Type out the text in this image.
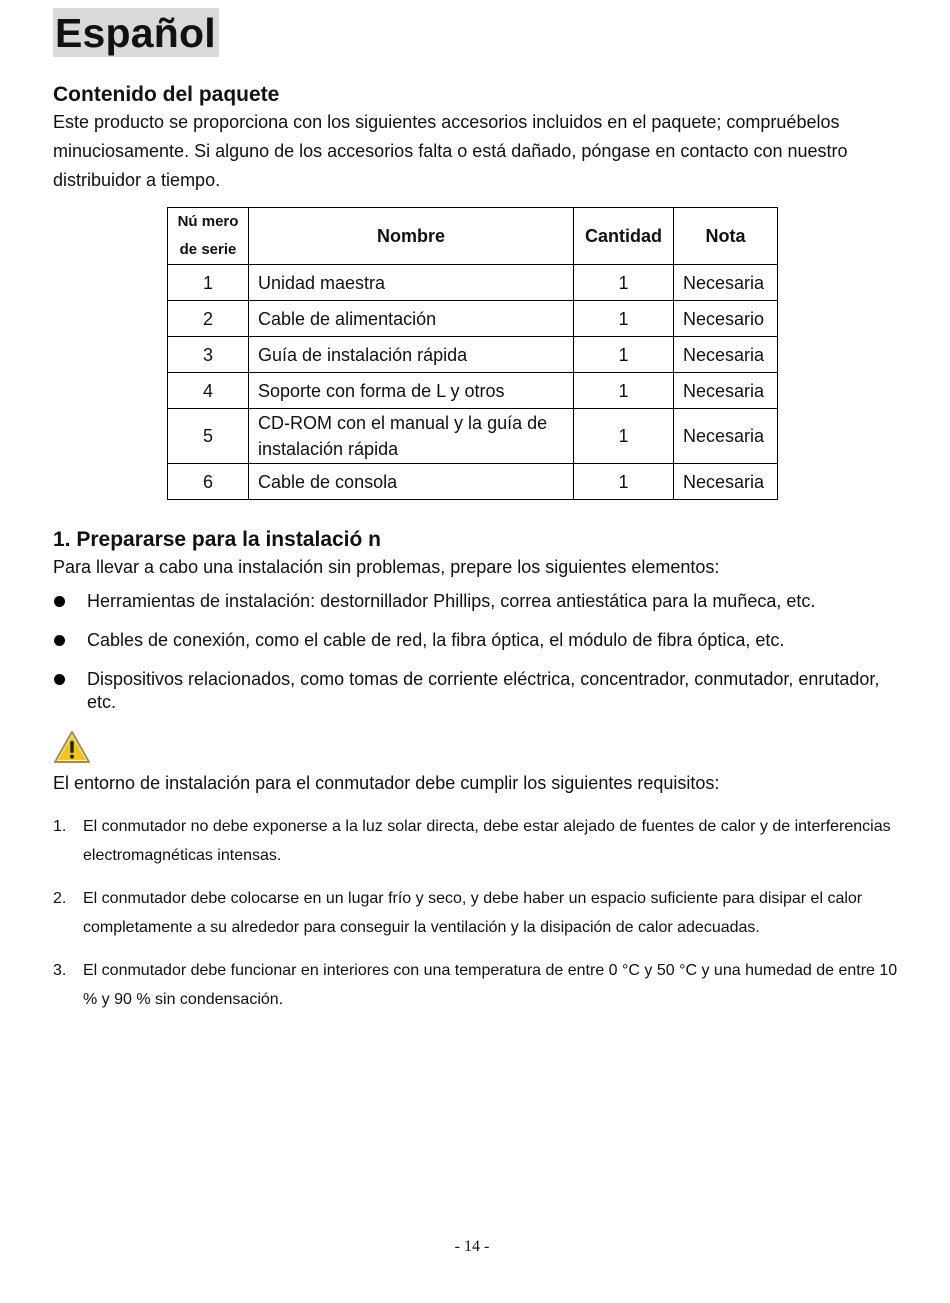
Español
Contenido del paquete

Este producto se proporciona con los siguientes accesorios incluidos en el paquete; compruébelos minuciosamente. Si alguno de los accesorios falta o está dañado, póngase en contacto con nuestro distribuidor a tiempo.

Nú mero
de serie	Nombre	Cantidad	Nota
1	Unidad maestra	1	Necesaria
2	Cable de alimentación	1	Necesario
3	Guía de instalación rápida	1	Necesaria
4	Soporte con forma de L y otros	1	Necesaria
5	CD-ROM con el manual y la guía de instalación rápida	1	Necesaria
6	Cable de consola	1	Necesaria
1. Prepararse para la instalació n

Para llevar a cabo una instalación sin problemas, prepare los siguientes elementos:

Herramientas de instalación: destornillador Phillips, correa antiestática para la muñeca, etc.
Cables de conexión, como el cable de red, la fibra óptica, el módulo de fibra óptica, etc.
Dispositivos relacionados, como tomas de corriente eléctrica, concentrador, conmutador, enrutador, etc.

El entorno de instalación para el conmutador debe cumplir los siguientes requisitos:

1. El conmutador no debe exponerse a la luz solar directa, debe estar alejado de fuentes de calor y de interferencias electromagnéticas intensas.
2. El conmutador debe colocarse en un lugar frío y seco, y debe haber un espacio suficiente para disipar el calor completamente a su alrededor para conseguir la ventilación y la disipación de calor adecuadas.
3. El conmutador debe funcionar en interiores con una temperatura de entre 0 °C y 50 °C y una humedad de entre 10 % y 90 % sin condensación.
- 14 -
